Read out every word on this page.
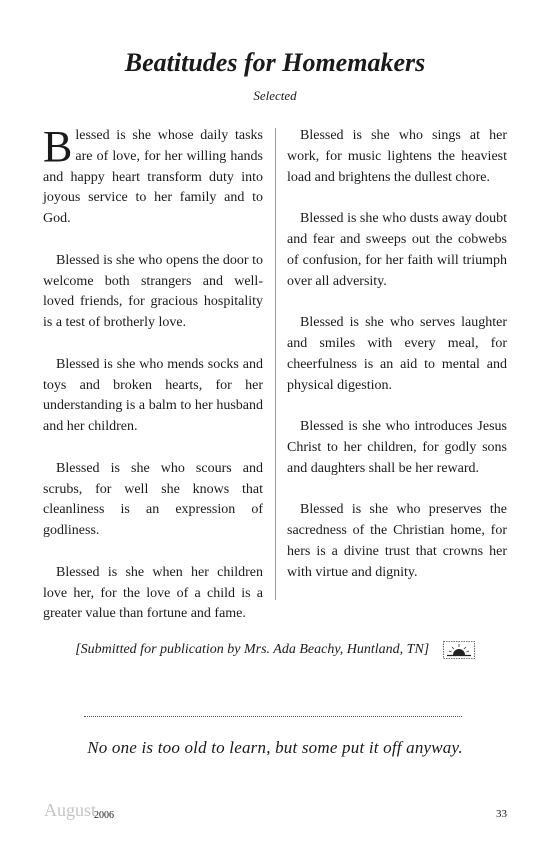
Beatitudes for Homemakers
Selected

Blessed is she whose daily tasks are of love, for her willing hands and happy heart transform duty into joyous service to her family and to God.

Blessed is she who opens the door to welcome both strangers and well-loved friends, for gracious hospitality is a test of brotherly love.

Blessed is she who mends socks and toys and broken hearts, for her understanding is a balm to her husband and her children.

Blessed is she who scours and scrubs, for well she knows that cleanliness is an expression of godliness.

Blessed is she when her children love her, for the love of a child is a greater value than fortune and fame.

Blessed is she who sings at her work, for music lightens the heaviest load and brightens the dullest chore.

Blessed is she who dusts away doubt and fear and sweeps out the cobwebs of confusion, for her faith will triumph over all adversity.

Blessed is she who serves laughter and smiles with every meal, for cheerfulness is an aid to mental and physical digestion.

Blessed is she who introduces Jesus Christ to her children, for godly sons and daughters shall be her reward.

Blessed is she who preserves the sacredness of the Christian home, for hers is a divine trust that crowns her with virtue and dignity.

[Submitted for publication by Mrs. Ada Beachy, Huntland, TN]
No one is too old to learn, but some put it off anyway.
August
2006	33
